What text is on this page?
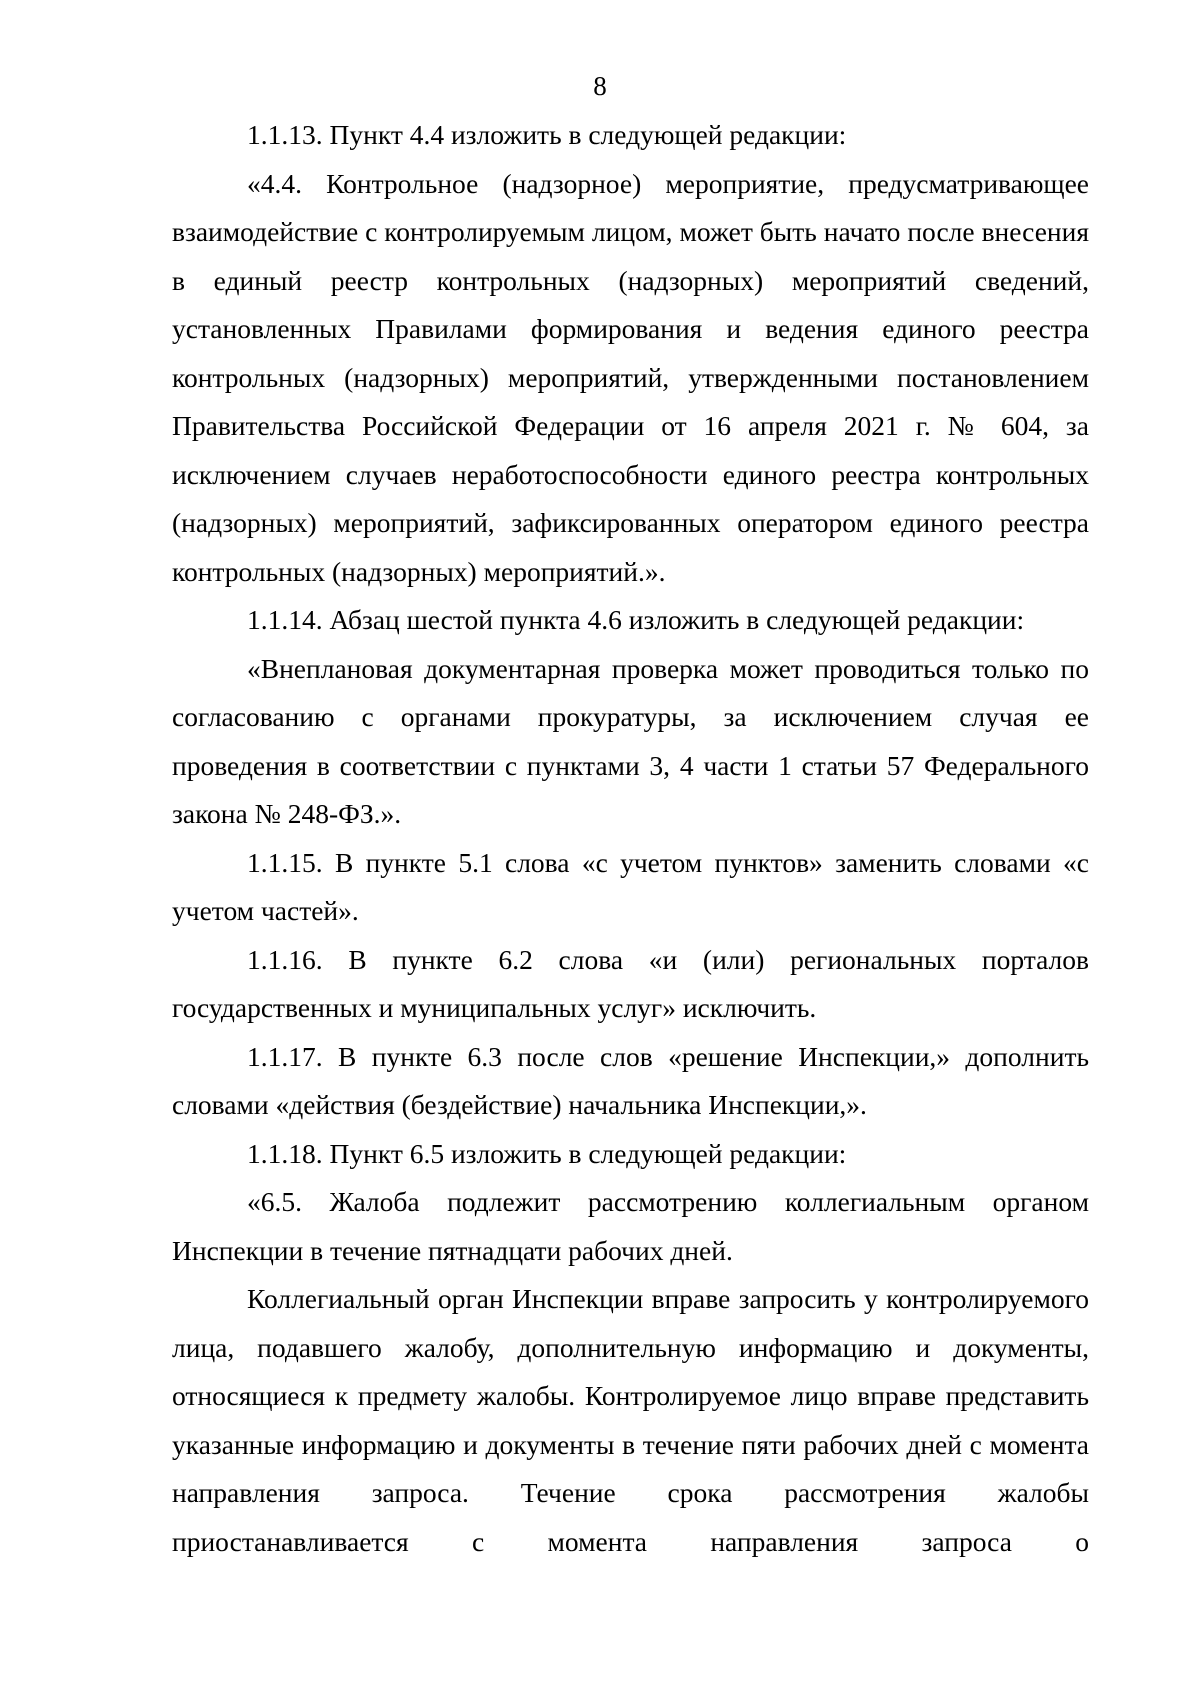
8

1.1.13. Пункт 4.4 изложить в следующей редакции:

«4.4. Контрольное (надзорное) мероприятие, предусматривающее взаимодействие с контролируемым лицом, может быть начато после внесения в единый реестр контрольных (надзорных) мероприятий сведений, установленных Правилами формирования и ведения единого реестра контрольных (надзорных) мероприятий, утвержденными постановлением Правительства Российской Федерации от 16 апреля 2021 г. № 604, за исключением случаев неработоспособности единого реестра контрольных (надзорных) мероприятий, зафиксированных оператором единого реестра контрольных (надзорных) мероприятий.».

1.1.14. Абзац шестой пункта 4.6 изложить в следующей редакции:

«Внеплановая документарная проверка может проводиться только по согласованию с органами прокуратуры, за исключением случая ее проведения в соответствии с пунктами 3, 4 части 1 статьи 57 Федерального закона № 248-ФЗ.».

1.1.15. В пункте 5.1 слова «с учетом пунктов» заменить словами «с учетом частей».

1.1.16. В пункте 6.2 слова «и (или) региональных порталов государственных и муниципальных услуг» исключить.

1.1.17. В пункте 6.3 после слов «решение Инспекции,» дополнить словами «действия (бездействие) начальника Инспекции,».

1.1.18. Пункт 6.5 изложить в следующей редакции:

«6.5. Жалоба подлежит рассмотрению коллегиальным органом Инспекции в течение пятнадцати рабочих дней.

Коллегиальный орган Инспекции вправе запросить у контролируемого лица, подавшего жалобу, дополнительную информацию и документы, относящиеся к предмету жалобы. Контролируемое лицо вправе представить указанные информацию и документы в течение пяти рабочих дней с момента направления запроса. Течение срока рассмотрения жалобы приостанавливается с момента направления запроса о
